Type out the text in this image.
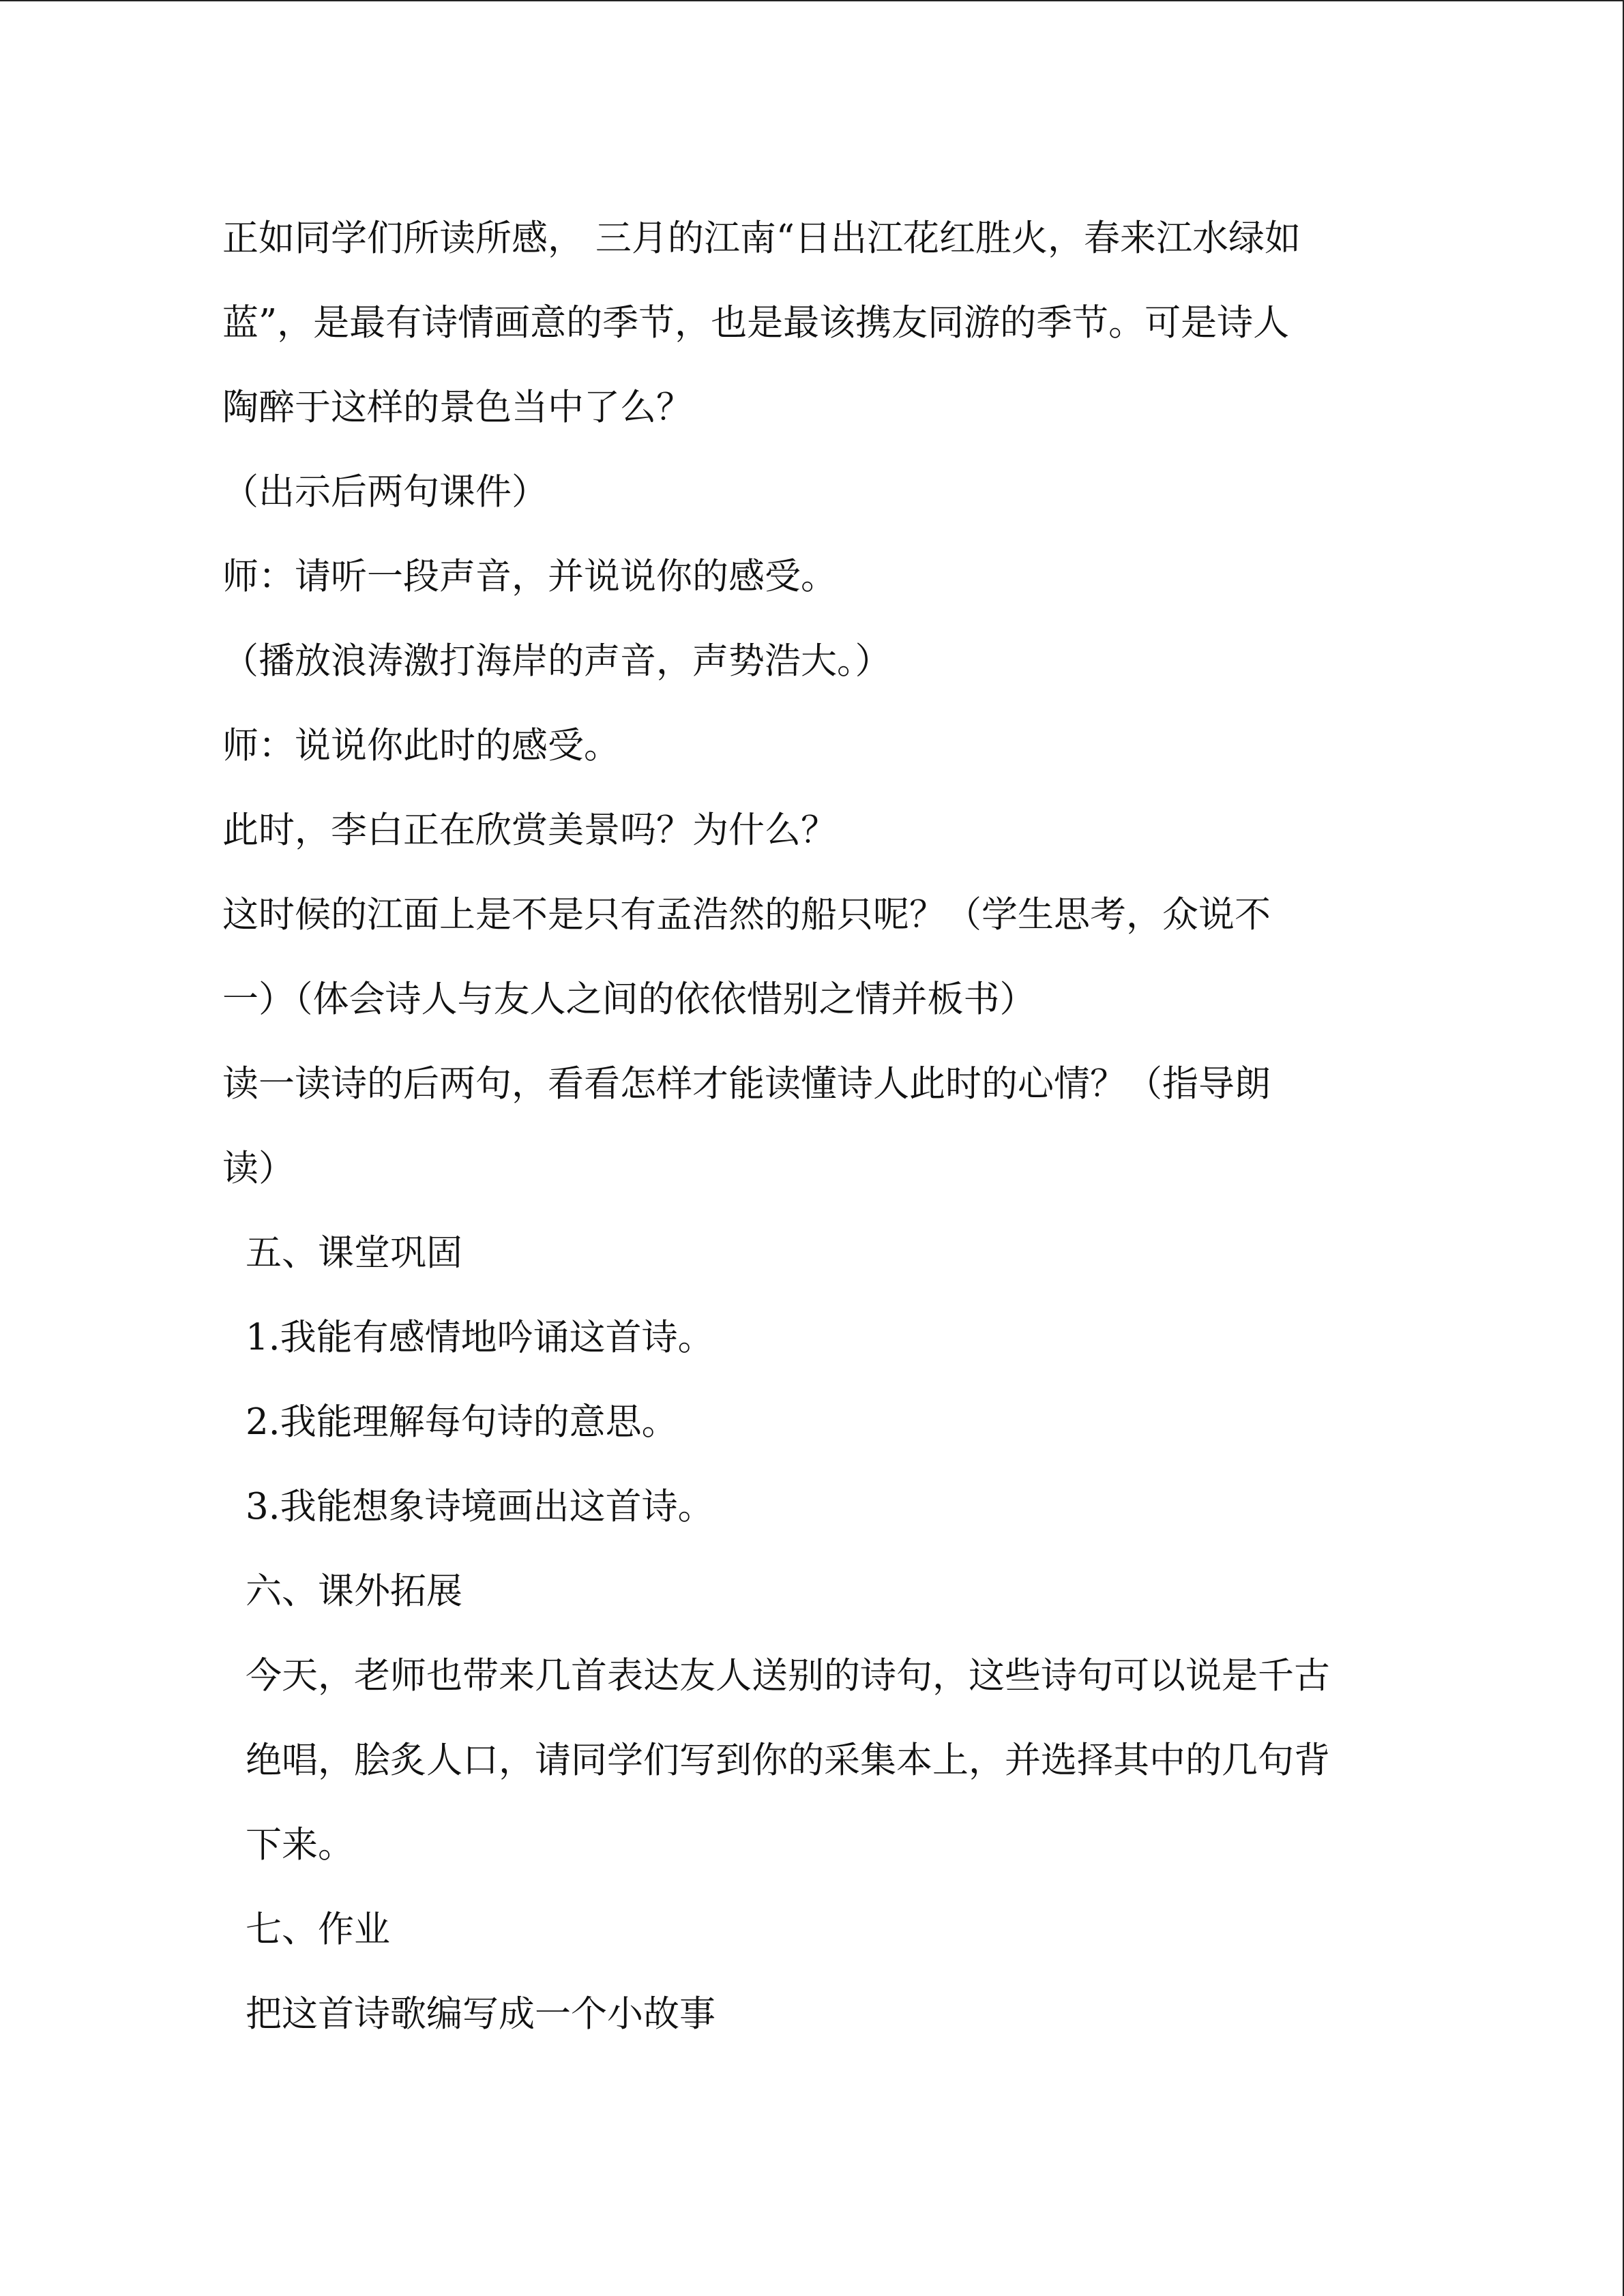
正如同学们所读所感， 三月的江南“日出江花红胜火，春来江水绿如
蓝”，是最有诗情画意的季节，也是最该携友同游的季节。可是诗人
陶醉于这样的景色当中了么？
（出示后两句课件）
师：请听一段声音，并说说你的感受。
（播放浪涛激打海岸的声音，声势浩大。）
师：说说你此时的感受。
此时，李白正在欣赏美景吗？为什么？
这时候的江面上是不是只有孟浩然的船只呢？（学生思考，众说不
一）（体会诗人与友人之间的依依惜别之情并板书）
读一读诗的后两句，看看怎样才能读懂诗人此时的心情？（指导朗
读）
五、课堂巩固
1.我能有感情地吟诵这首诗。
2.我能理解每句诗的意思。
3.我能想象诗境画出这首诗。
六、课外拓展
今天，老师也带来几首表达友人送别的诗句，这些诗句可以说是千古
绝唱，脍炙人口，请同学们写到你的采集本上，并选择其中的几句背
下来。
七、作业
把这首诗歌编写成一个小故事
